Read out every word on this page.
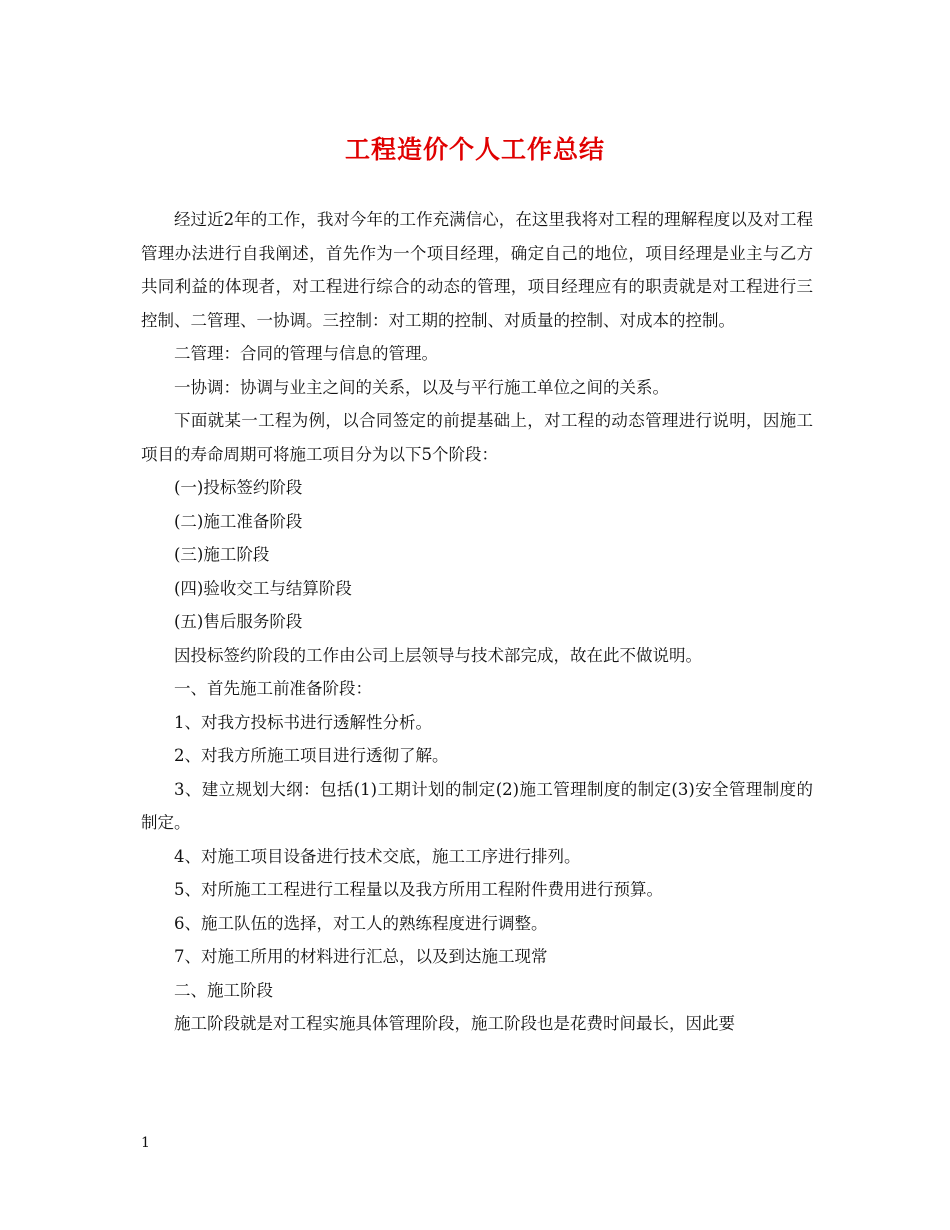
工程造价个人工作总结

经过近2年的工作，我对今年的工作充满信心，在这里我将对工程的理解程度以及对工程管理办法进行自我阐述，首先作为一个项目经理，确定自己的地位，项目经理是业主与乙方共同利益的体现者，对工程进行综合的动态的管理，项目经理应有的职责就是对工程进行三控制、二管理、一协调。三控制：对工期的控制、对质量的控制、对成本的控制。

二管理：合同的管理与信息的管理。

一协调：协调与业主之间的关系，以及与平行施工单位之间的关系。

下面就某一工程为例，以合同签定的前提基础上，对工程的动态管理进行说明，因施工项目的寿命周期可将施工项目分为以下5个阶段：

(一)投标签约阶段

(二)施工准备阶段

(三)施工阶段

(四)验收交工与结算阶段

(五)售后服务阶段

因投标签约阶段的工作由公司上层领导与技术部完成，故在此不做说明。

一、首先施工前准备阶段：

1、对我方投标书进行透解性分析。

2、对我方所施工项目进行透彻了解。

3、建立规划大纲：包括(1)工期计划的制定(2)施工管理制度的制定(3)安全管理制度的制定。

4、对施工项目设备进行技术交底，施工工序进行排列。

5、对所施工工程进行工程量以及我方所用工程附件费用进行预算。

6、施工队伍的选择，对工人的熟练程度进行调整。

7、对施工所用的材料进行汇总，以及到达施工现常

二、施工阶段

施工阶段就是对工程实施具体管理阶段，施工阶段也是花费时间最长，因此要

1
